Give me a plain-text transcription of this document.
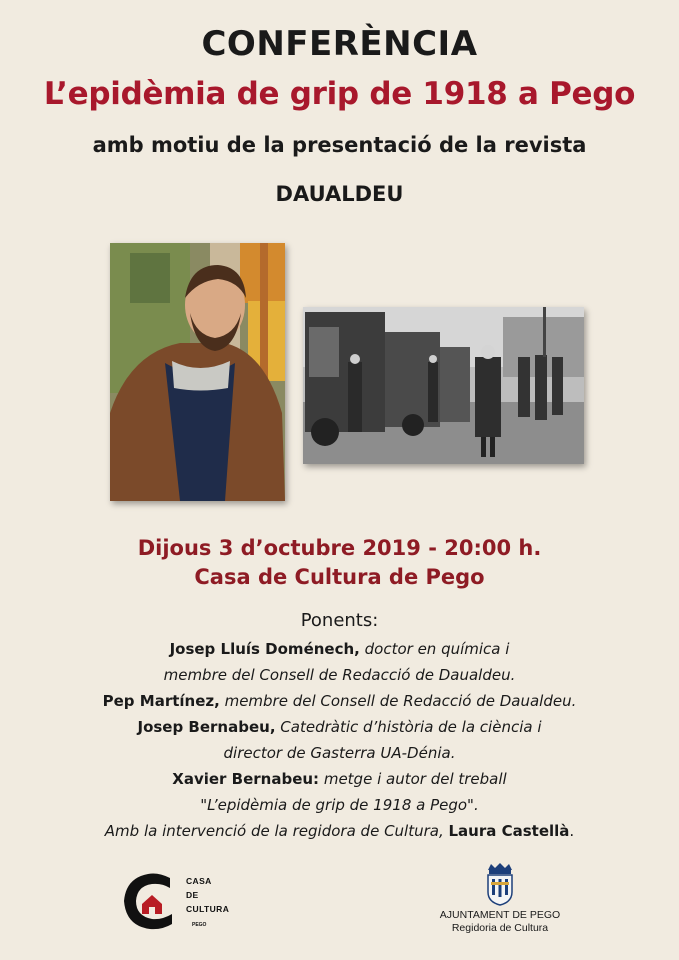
CONFERÈNCIA
L’epidèmia de grip de 1918 a Pego
amb motiu de la presentació de la revista
DAUALDEU
Dijous 3 d’octubre 2019 - 20:00 h.
Casa de Cultura de Pego
Ponents:
Josep Lluís Doménech, doctor en química i
membre del Consell de Redacció de Daualdeu.
Pep Martínez, membre del Consell de Redacció de Daualdeu.
Josep Bernabeu, Catedràtic d’història de la ciència i
director de Gasterra UA-Dénia.
Xavier Bernabeu: metge i autor del treball
"L’epidèmia de grip de 1918 a Pego".
Amb la intervenció de la regidora de Cultura, Laura Castellà.
CASA
DE
CULTURA
PEGO
AJUNTAMENT DE PEGO
Regidoria de Cultura
